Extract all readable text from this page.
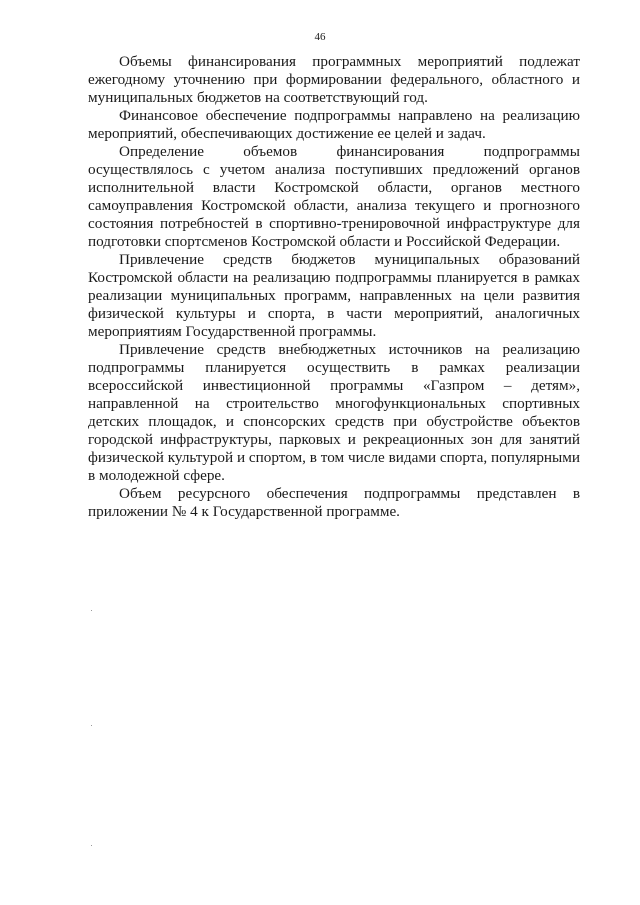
46

Объемы финансирования программных мероприятий подлежат ежегодному уточнению при формировании федерального, областного и муниципальных бюджетов на соответствующий год.

Финансовое обеспечение подпрограммы направлено на реализацию мероприятий, обеспечивающих достижение ее целей и задач.

Определение объемов финансирования подпрограммы осуществлялось с учетом анализа поступивших предложений органов исполнительной власти Костромской области, органов местного самоуправления Костромской области, анализа текущего и прогнозного состояния потребностей в спортивно-тренировочной инфраструктуре для подготовки спортсменов Костромской области и Российской Федерации.

Привлечение средств бюджетов муниципальных образований Костромской области на реализацию подпрограммы планируется в рамках реализации муниципальных программ, направленных на цели развития физической культуры и спорта, в части мероприятий, аналогичных мероприятиям Государственной программы.

Привлечение средств внебюджетных источников на реализацию подпрограммы планируется осуществить в рамках реализации всероссийской инвестиционной программы «Газпром – детям», направленной на строительство многофункциональных спортивных детских площадок, и спонсорских средств при обустройстве объектов городской инфраструктуры, парковых и рекреационных зон для занятий физической культурой и спортом, в том числе видами спорта, популярными в молодежной сфере.

Объем ресурсного обеспечения подпрограммы представлен в приложении № 4 к Государственной программе.
